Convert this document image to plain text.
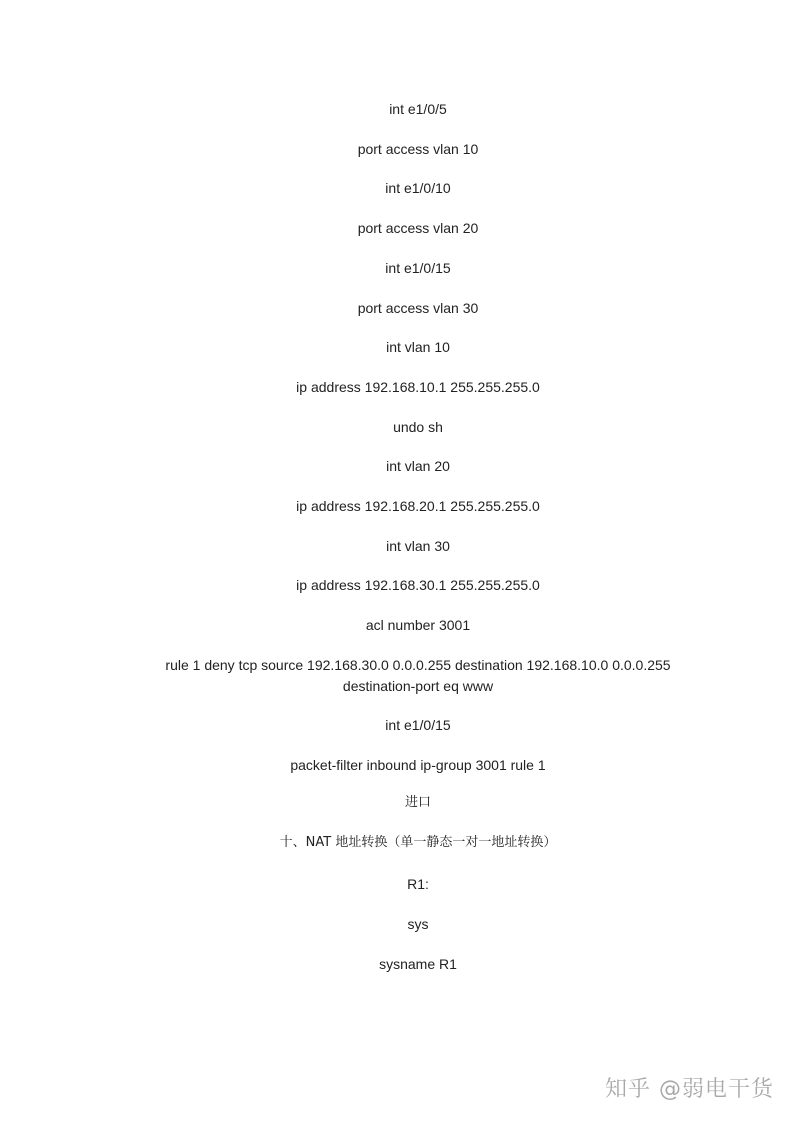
int e1/0/5
port access vlan 10
int e1/0/10
port access vlan 20
int e1/0/15
port access vlan 30
int vlan 10
ip address 192.168.10.1 255.255.255.0
undo sh
int vlan 20
ip address 192.168.20.1 255.255.255.0
int vlan 30
ip address 192.168.30.1 255.255.255.0
acl number 3001
rule 1 deny tcp source 192.168.30.0 0.0.0.255 destination 192.168.10.0 0.0.0.255
destination-port eq www
int e1/0/15
packet-filter inbound ip-group 3001 rule 1
进口
十、NAT 地址转换（单一静态一对一地址转换）
R1:
sys
sysname R1
知乎 @弱电干货
